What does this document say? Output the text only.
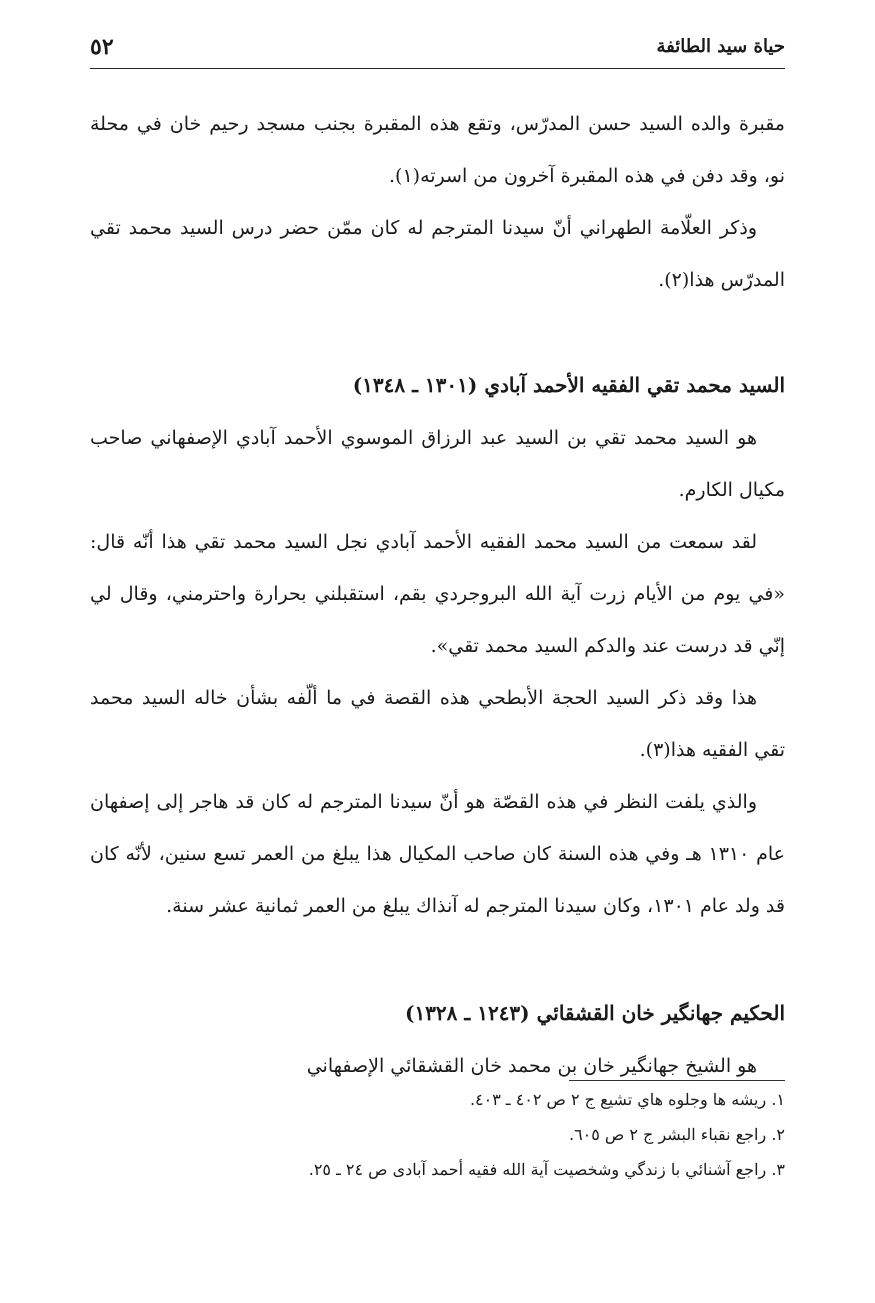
٥٢	حياة سيد الطائفة

مقبرة والده السيد حسن المدرّس، وتقع هذه المقبرة بجنب مسجد رحيم خان في محلة نو، وقد دفن في هذه المقبرة آخرون من اسرته(١).

وذكر العلّامة الطهراني أنّ سيدنا المترجم له كان ممّن حضر درس السيد محمد تقي المدرّس هذا(٢).

السيد محمد تقي الفقيه الأحمد آبادي (١٣٠١ ـ ١٣٤٨)

هو السيد محمد تقي بن السيد عبد الرزاق الموسوي الأحمد آبادي الإصفهاني صاحب مكيال الكارم.

لقد سمعت من السيد محمد الفقيه الأحمد آبادي نجل السيد محمد تقي هذا أنّه قال: «في يوم من الأيام زرت آية الله البروجردي بقم، استقبلني بحرارة واحترمني، وقال لي إنّي قد درست عند والدكم السيد محمد تقي».

هذا وقد ذكر السيد الحجة الأبطحي هذه القصة في ما ألّفه بشأن خاله السيد محمد تقي الفقيه هذا(٣).

والذي يلفت النظر في هذه القصّة هو أنّ سيدنا المترجم له كان قد هاجر إلى إصفهان عام ١٣١٠ هـ وفي هذه السنة كان صاحب المكيال هذا يبلغ من العمر تسع سنين، لأنّه كان قد ولد عام ١٣٠١، وكان سيدنا المترجم له آنذاك يبلغ من العمر ثمانية عشر سنة.

الحكيم جهانگير خان القشقائي (١٢٤٣ ـ ١٣٢٨)

هو الشيخ جهانگير خان بن محمد خان القشقائي الإصفهاني

١. ريشه ها وجلوه هاي تشيع ج ٢ ص ٤٠٢ ـ ٤٠٣.

٢. راجع نقباء البشر ج ٢ ص ٦٠٥.

٣. راجع آشنائي با زندگي وشخصيت آية الله فقيه أحمد آبادى ص ٢٤ ـ ٢٥.
